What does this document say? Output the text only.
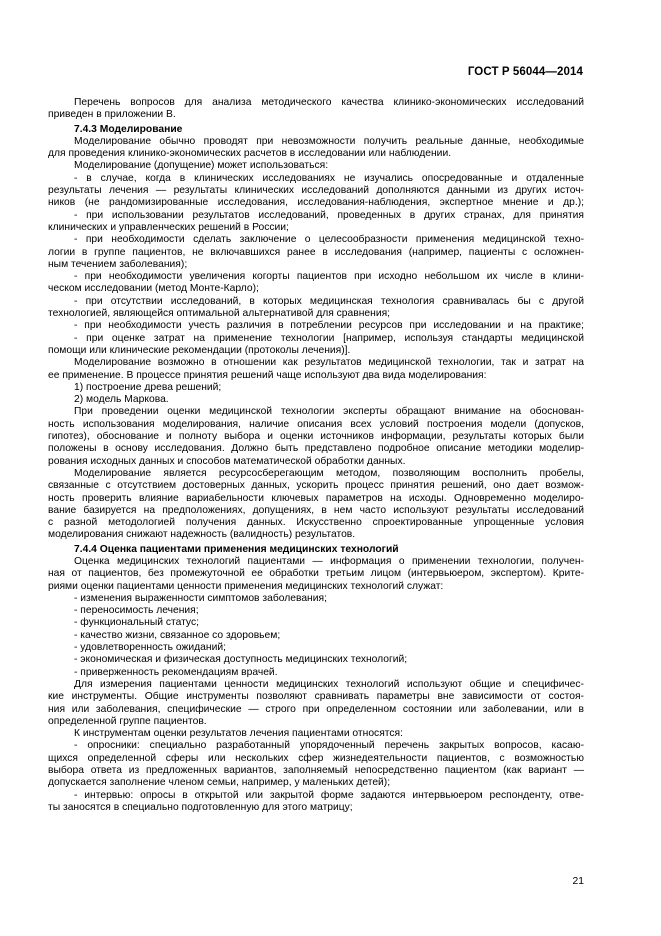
ГОСТ Р 56044—2014
Перечень вопросов для анализа методического качества клинико-экономических исследований
приведен в приложении В.
7.4.3 Моделирование
Моделирование обычно проводят при невозможности получить реальные данные, необходимые
для проведения клинико-экономических расчетов в исследовании или наблюдении.
Моделирование (допущение) может использоваться:
- в случае, когда в клинических исследованиях не изучались опосредованные и отдаленные
результаты лечения — результаты клинических исследований дополняются данными из других источ-
ников (не рандомизированные исследования, исследования-наблюдения, экспертное мнение и др.);
- при использовании результатов исследований, проведенных в других странах, для принятия
клинических и управленческих решений в России;
- при необходимости сделать заключение о целесообразности применения медицинской техно-
логии в группе пациентов, не включавшихся ранее в исследования (например, пациенты с осложнен-
ным течением заболевания);
- при необходимости увеличения когорты пациентов при исходно небольшом их числе в клини-
ческом исследовании (метод Монте-Карло);
- при отсутствии исследований, в которых медицинская технология сравнивалась бы с другой
технологией, являющейся оптимальной альтернативой для сравнения;
- при необходимости учесть различия в потреблении ресурсов при исследовании и на практике;
- при оценке затрат на применение технологии [например, используя стандарты медицинской
помощи или клинические рекомендации (протоколы лечения)].
Моделирование возможно в отношении как результатов медицинской технологии, так и затрат на
ее применение. В процессе принятия решений чаще используют два вида моделирования:
1) построение древа решений;
2) модель Маркова.
При проведении оценки медицинской технологии эксперты обращают внимание на обоснован-
ность использования моделирования, наличие описания всех условий построения модели (допусков,
гипотез), обоснование и полноту выбора и оценки источников информации, результаты которых были
положены в основу исследования. Должно быть представлено подробное описание методики моделир-
рования исходных данных и способов математической обработки данных.
Моделирование является ресурсосберегающим методом, позволяющим восполнить пробелы,
связанные с отсутствием достоверных данных, ускорить процесс принятия решений, оно дает возмож-
ность проверить влияние вариабельности ключевых параметров на исходы. Одновременно моделиро-
вание базируется на предположениях, допущениях, в нем часто используют результаты исследований
с разной методологией получения данных. Искусственно спроектированные упрощенные условия
моделирования снижают надежность (валидность) результатов.
7.4.4 Оценка пациентами применения медицинских технологий
Оценка медицинских технологий пациентами — информация о применении технологии, получен-
ная от пациентов, без промежуточной ее обработки третьим лицом (интервьюером, экспертом). Крите-
риями оценки пациентами ценности применения медицинских технологий служат:
- изменения выраженности симптомов заболевания;
- переносимость лечения;
- функциональный статус;
- качество жизни, связанное со здоровьем;
- удовлетворенность ожиданий;
- экономическая и физическая доступность медицинских технологий;
- приверженность рекомендациям врачей.
Для измерения пациентами ценности медицинских технологий используют общие и специфичес-
кие инструменты. Общие инструменты позволяют сравнивать параметры вне зависимости от состоя-
ния или заболевания, специфические — строго при определенном состоянии или заболевании, или в
определенной группе пациентов.
К инструментам оценки результатов лечения пациентами относятся:
- опросники: специально разработанный упорядоченный перечень закрытых вопросов, касаю-
щихся определенной сферы или нескольких сфер жизнедеятельности пациентов, с возможностью
выбора ответа из предложенных вариантов, заполняемый непосредственно пациентом (как вариант —
допускается заполнение членом семьи, например, у маленьких детей);
- интервью: опросы в открытой или закрытой форме задаются интервьюером респонденту, отве-
ты заносятся в специально подготовленную для этого матрицу;
21
